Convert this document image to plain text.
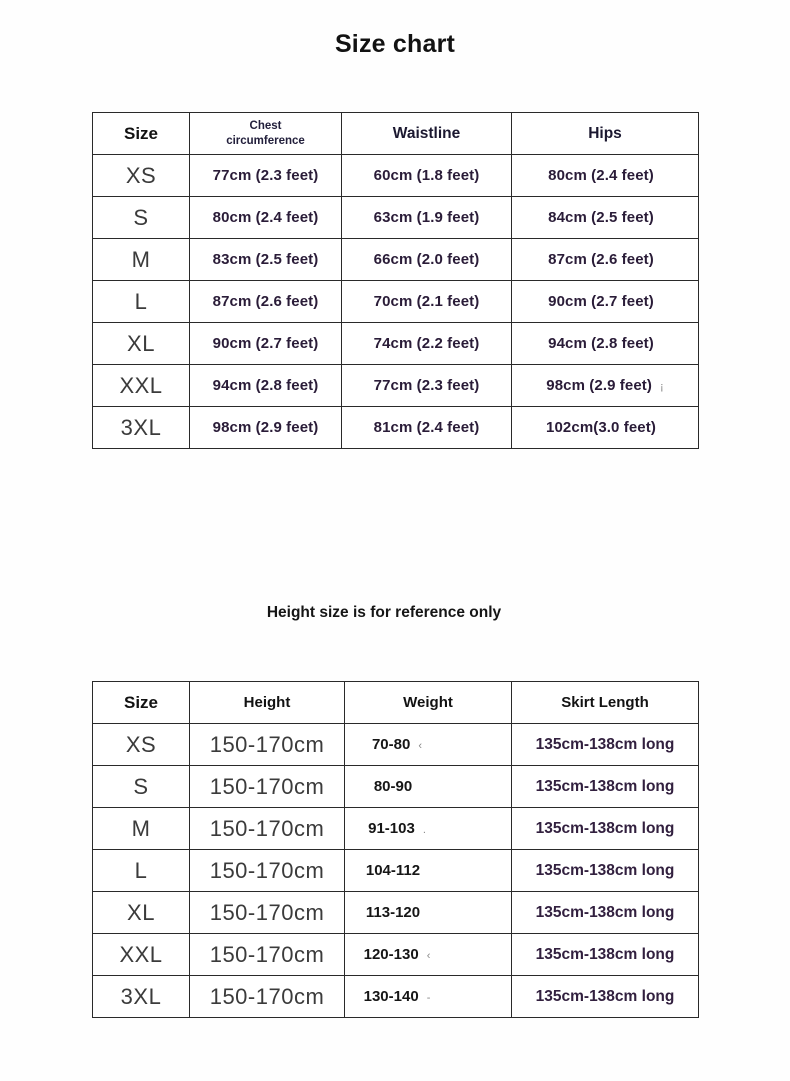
Size chart
Size	Chest circumference	Waistline	Hips
XS	77cm (2.3 feet)	60cm (1.8 feet)	80cm (2.4 feet)
S	80cm (2.4 feet)	63cm (1.9 feet)	84cm (2.5 feet)
M	83cm (2.5 feet)	66cm (2.0 feet)	87cm (2.6 feet)
L	87cm (2.6 feet)	70cm (2.1 feet)	90cm (2.7 feet)
XL	90cm (2.7 feet)	74cm (2.2 feet)	94cm (2.8 feet)
XXL	94cm (2.8 feet)	77cm (2.3 feet)	98cm (2.9 feet) ¡
3XL	98cm (2.9 feet)	81cm (2.4 feet)	102cm(3.0 feet)
Height size is for reference only
Size	Height	Weight	Skirt Length
XS	150-170cm	70-80 ‹	135cm-138cm long
S	150-170cm	80-90	135cm-138cm long
M	150-170cm	91-103 .	135cm-138cm long
L	150-170cm	104-112	135cm-138cm long
XL	150-170cm	113-120	135cm-138cm long
XXL	150-170cm	120-130 ‹	135cm-138cm long
3XL	150-170cm	130-140 -	135cm-138cm long
